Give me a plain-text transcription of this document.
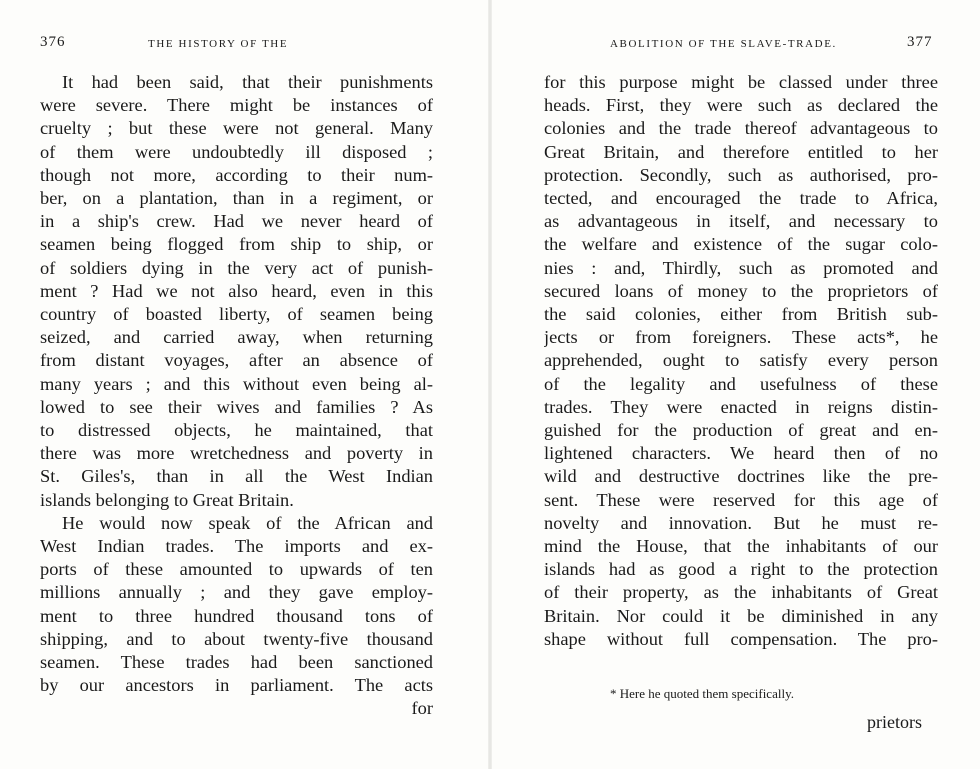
376	THE HISTORY OF THE
It had been said, that their punishments
were severe. There might be instances of
cruelty ; but these were not general. Many
of them were undoubtedly ill disposed ;
though not more, according to their num-
ber, on a plantation, than in a regiment, or
in a ship's crew. Had we never heard of
seamen being flogged from ship to ship, or
of soldiers dying in the very act of punish-
ment ? Had we not also heard, even in this
country of boasted liberty, of seamen being
seized, and carried away, when returning
from distant voyages, after an absence of
many years ; and this without even being al-
lowed to see their wives and families ? As
to distressed objects, he maintained, that
there was more wretchedness and poverty in
St. Giles's, than in all the West Indian
islands belonging to Great Britain.
He would now speak of the African and
West Indian trades. The imports and ex-
ports of these amounted to upwards of ten
millions annually ; and they gave employ-
ment to three hundred thousand tons of
shipping, and to about twenty-five thousand
seamen. These trades had been sanctioned
by our ancestors in parliament. The acts
for
ABOLITION OF THE SLAVE-TRADE.	377
for this purpose might be classed under three
heads. First, they were such as declared the
colonies and the trade thereof advantageous to
Great Britain, and therefore entitled to her
protection. Secondly, such as authorised, pro-
tected, and encouraged the trade to Africa,
as advantageous in itself, and necessary to
the welfare and existence of the sugar colo-
nies : and, Thirdly, such as promoted and
secured loans of money to the proprietors of
the said colonies, either from British sub-
jects or from foreigners. These acts*, he
apprehended, ought to satisfy every person
of the legality and usefulness of these
trades. They were enacted in reigns distin-
guished for the production of great and en-
lightened characters. We heard then of no
wild and destructive doctrines like the pre-
sent. These were reserved for this age of
novelty and innovation. But he must re-
mind the House, that the inhabitants of our
islands had as good a right to the protection
of their property, as the inhabitants of Great
Britain. Nor could it be diminished in any
shape without full compensation. The pro-
* Here he quoted them specifically.
prietors
